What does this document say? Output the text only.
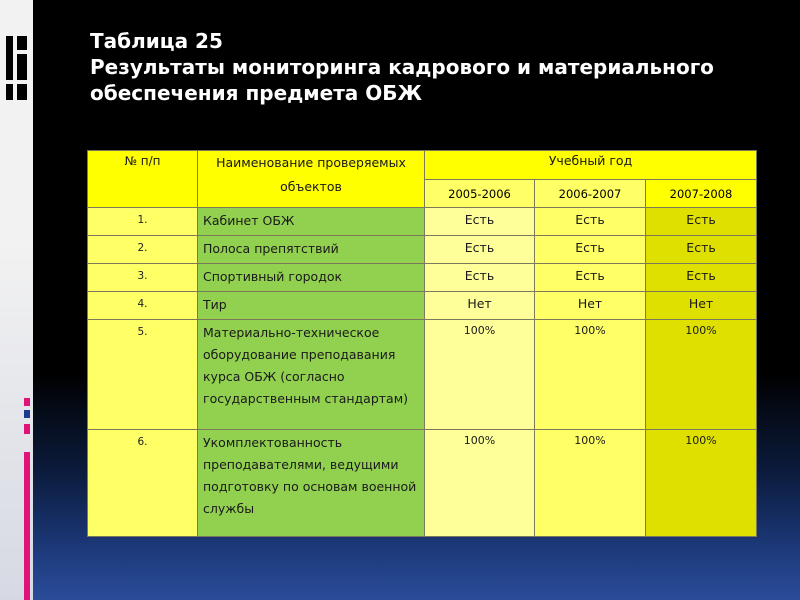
Таблица 25
Результаты мониторинга кадрового и материального
обеспечения предмета ОБЖ
№ п/п	Наименование проверяемых объектов	Учебный год		
		2005-2006	2006-2007	2007-2008
1.	Кабинет ОБЖ	Есть	Есть	Есть
2.	Полоса препятствий	Есть	Есть	Есть
3.	Спортивный городок	Есть	Есть	Есть
4.	Тир	Нет	Нет	Нет
5.	Материально-техническое оборудование преподавания курса ОБЖ (согласно государственным стандартам)	100%	100%	100%
6.	Укомплектованность преподавателями, ведущими подготовку по основам военной службы	100%	100%	100%
